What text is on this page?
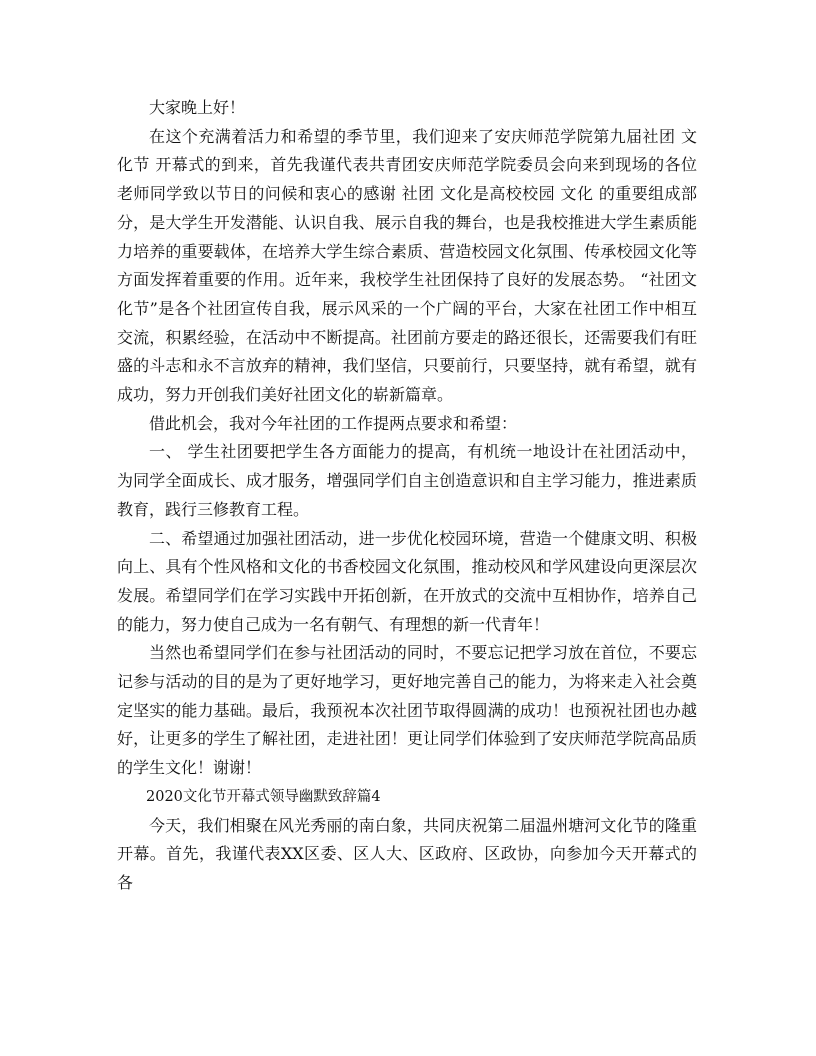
大家晚上好！

在这个充满着活力和希望的季节里，我们迎来了安庆师范学院第九届社团 文化节 开幕式的到来，首先我谨代表共青团安庆师范学院委员会向来到现场的各位老师同学致以节日的问候和衷心的感谢 社团 文化是高校校园 文化 的重要组成部分，是大学生开发潜能、认识自我、展示自我的舞台，也是我校推进大学生素质能力培养的重要载体，在培养大学生综合素质、营造校园文化氛围、传承校园文化等方面发挥着重要的作用。近年来，我校学生社团保持了良好的发展态势。 “社团文化节”是各个社团宣传自我，展示风采的一个广阔的平台，大家在社团工作中相互交流，积累经验，在活动中不断提高。社团前方要走的路还很长，还需要我们有旺盛的斗志和永不言放弃的精神，我们坚信，只要前行，只要坚持，就有希望，就有成功，努力开创我们美好社团文化的崭新篇章。

借此机会，我对今年社团的工作提两点要求和希望：

一、 学生社团要把学生各方面能力的提高，有机统一地设计在社团活动中，为同学全面成长、成才服务，增强同学们自主创造意识和自主学习能力，推进素质教育，践行三修教育工程。

二、希望通过加强社团活动，进一步优化校园环境，营造一个健康文明、积极向上、具有个性风格和文化的书香校园文化氛围，推动校风和学风建设向更深层次发展。希望同学们在学习实践中开拓创新，在开放式的交流中互相协作，培养自己的能力，努力使自己成为一名有朝气、有理想的新一代青年！

当然也希望同学们在参与社团活动的同时，不要忘记把学习放在首位，不要忘记参与活动的目的是为了更好地学习，更好地完善自己的能力，为将来走入社会奠定坚实的能力基础。最后，我预祝本次社团节取得圆满的成功！也预祝社团也办越好，让更多的学生了解社团，走进社团！更让同学们体验到了安庆师范学院高品质的学生文化！谢谢！

2020文化节开幕式领导幽默致辞篇4

今天，我们相聚在风光秀丽的南白象，共同庆祝第二届温州塘河文化节的隆重开幕。首先，我谨代表XX区委、区人大、区政府、区政协，向参加今天开幕式的各
